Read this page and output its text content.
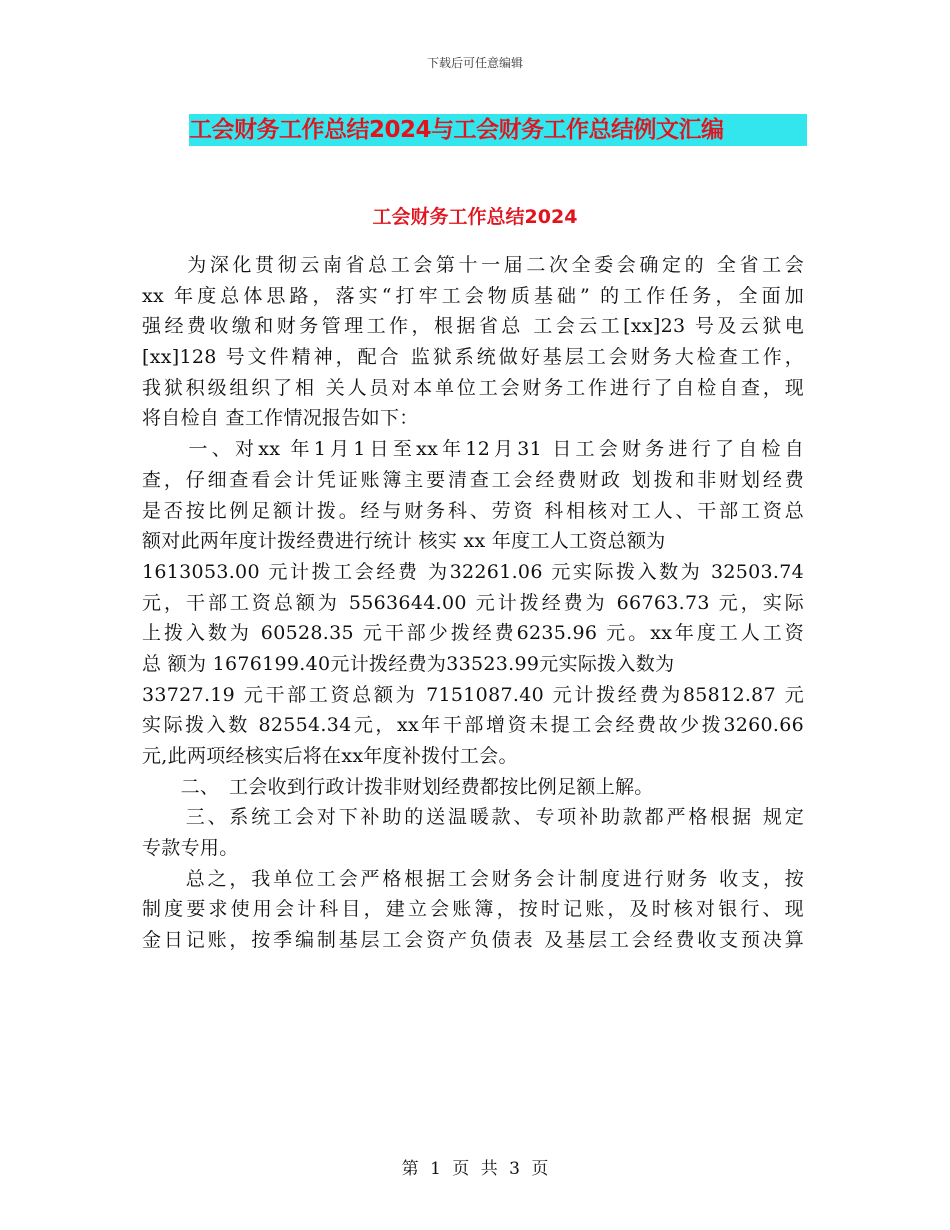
下载后可任意编辑
工会财务工作总结2024与工会财务工作总结例文汇编
工会财务工作总结2024
　　为深化贯彻云南省总工会第十一届二次全委会确定的 全省工会
xx 年度总体思路，落实“打牢工会物质基础” 的工作任务，全面加
强经费收缴和财务管理工作，根据省总 工会云工[xx]23 号及云狱电
[xx]128 号文件精神，配合 监狱系统做好基层工会财务大检查工作，
我狱积级组织了相 关人员对本单位工会财务工作进行了自检自查，现
将自检自 查工作情况报告如下：
　　一、对xx 年1月1日至xx年12月31 日工会财务进行了自检自
查，仔细查看会计凭证账簿主要清查工会经费财政 划拨和非财划经费
是否按比例足额计拨。经与财务科、劳资 科相核对工人、干部工资总
额对此两年度计拨经费进行统计 核实 xx 年度工人工资总额为
1613053.00 元计拨工会经费 为32261.06 元实际拨入数为 32503.74
元，干部工资总额为 5563644.00 元计拨经费为 66763.73 元，实际
上拨入数为 60528.35 元干部少拨经费6235.96 元。xx年度工人工资
总 额为 1676199.40元计拨经费为33523.99元实际拨入数为
33727.19 元干部工资总额为 7151087.40 元计拨经费为85812.87 元
实际拨入数 82554.34元，xx年干部增资未提工会经费故少拨3260.66
元,此两项经核实后将在xx年度补拨付工会。
　　二、　工会收到行政计拨非财划经费都按比例足额上解。
　　三、系统工会对下补助的送温暖款、专项补助款都严格根据 规定
专款专用。
　　总之，我单位工会严格根据工会财务会计制度进行财务 收支，按
制度要求使用会计科目，建立会账簿，按时记账，及时核对银行、现
金日记账，按季编制基层工会资产负债表 及基层工会经费收支预决算
第 1 页 共 3 页
